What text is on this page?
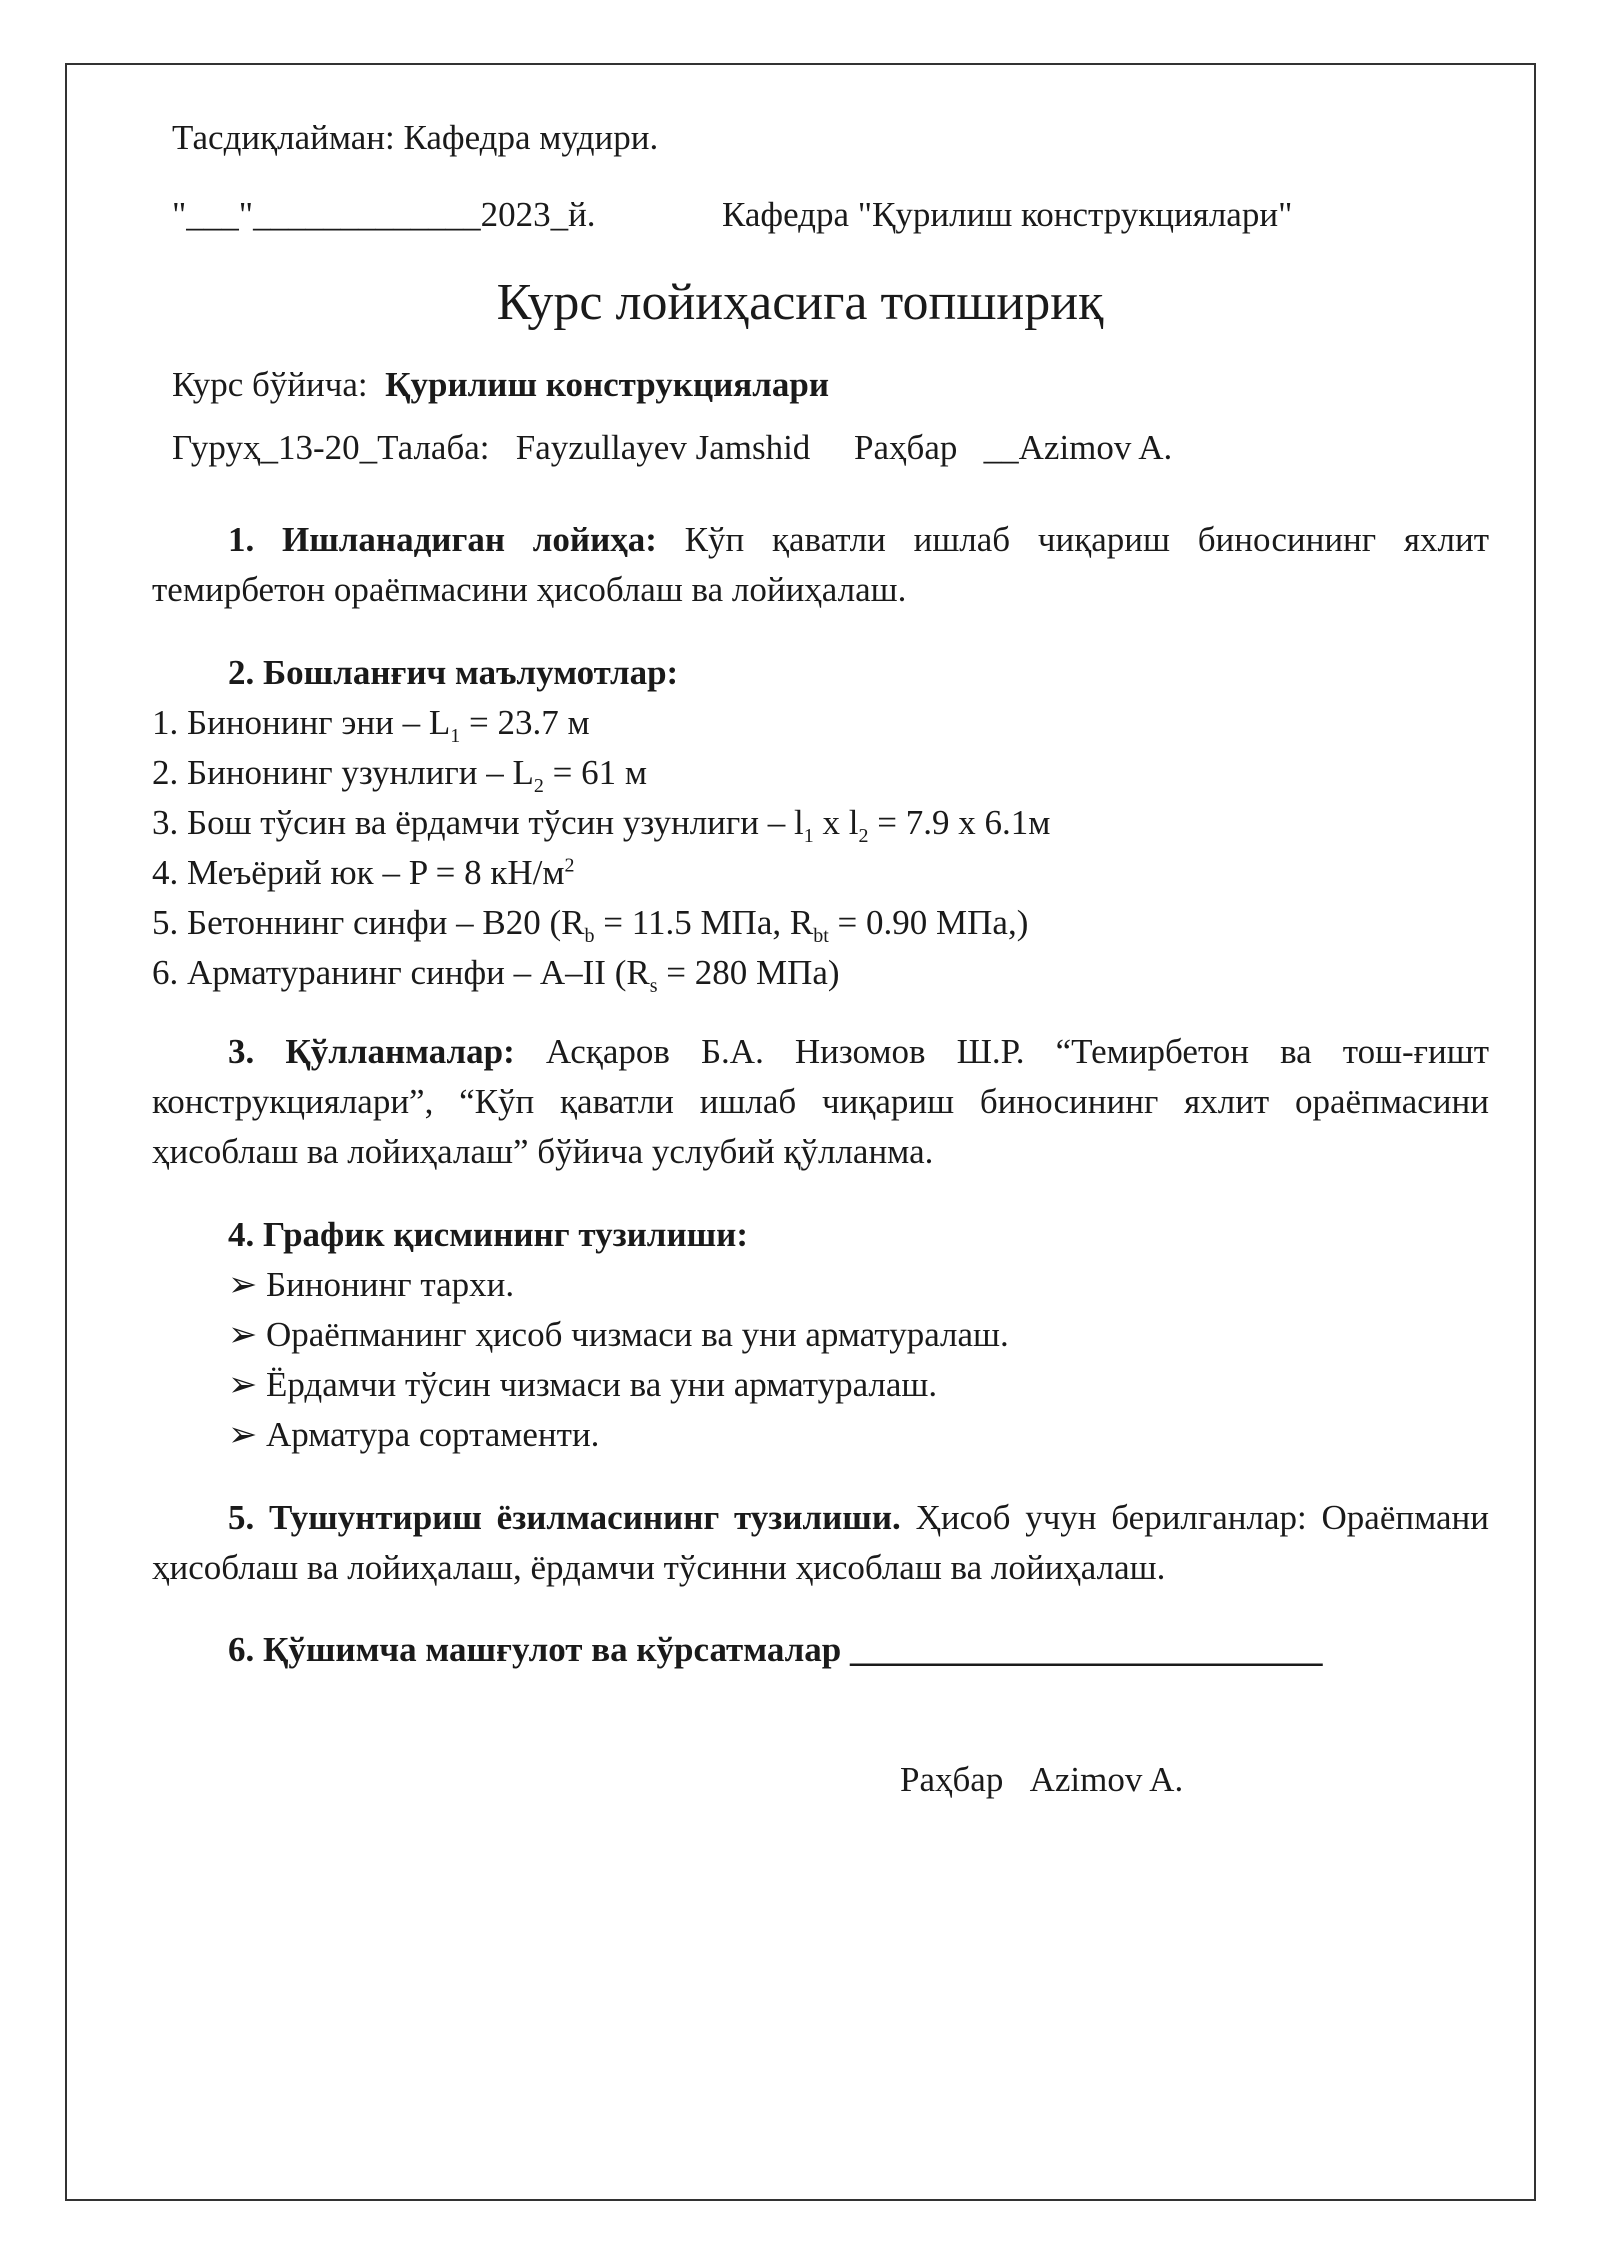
Тасдиқлайман: Кафедра мудири.
"___"_____________2023_й.	Кафедра "Қурилиш конструкциялари"
Курс лойиҳасига топшириқ
Курс бўйича: Қурилиш конструкциялари
Гуруҳ_13-20_Талаба: Fayzullayev Jamshid Раҳбар __Azimov A.
1. Ишланадиган лойиҳа: Кўп қаватли ишлаб чиқариш биносининг яхлит темирбетон ораёпмасини ҳисоблаш ва лойиҳалаш.
2. Бошланғич маълумотлар:
1. Бинонинг эни – $L_1 = 23.7$ м
2. Бинонинг узунлиги – $L_2 = 61$ м
3. Бош тўсин ва ёрдамчи тўсин узунлиги – $l_1$ x $l_2 = 7.9$ x 6.1м
4. Меъёрий юк – P = 8 $кН/м^2$
5. Бетоннинг синфи – B20 ($R_b = 11.5$ МПа, $R_{bt} = 0.90$ МПа,)
6. Арматуранинг синфи – A–II ($R_s = 280$ МПа)
3. Қўлланмалар: Асқаров Б.А. Низомов Ш.Р. “Темирбетон ва тош-ғишт конструкциялари”, “Кўп қаватли ишлаб чиқариш биносининг яхлит ораёпмасини ҳисоблаш ва лойиҳалаш” бўйича услубий қўлланма.
4. График қисмининг тузилиши:
➢ Бинонинг тархи.
➢ Ораёпманинг ҳисоб чизмаси ва уни арматуралаш.
➢ Ёрдамчи тўсин чизмаси ва уни арматуралаш.
➢ Арматура сортаменти.
5. Тушунтириш ёзилмасининг тузилиши. Ҳисоб учун берилганлар: Ораёпмани ҳисоблаш ва лойиҳалаш, ёрдамчи тўсинни ҳисоблаш ва лойиҳалаш.
6. Қўшимча машғулот ва кўрсатмалар ___________________________
Раҳбар Azimov A.
